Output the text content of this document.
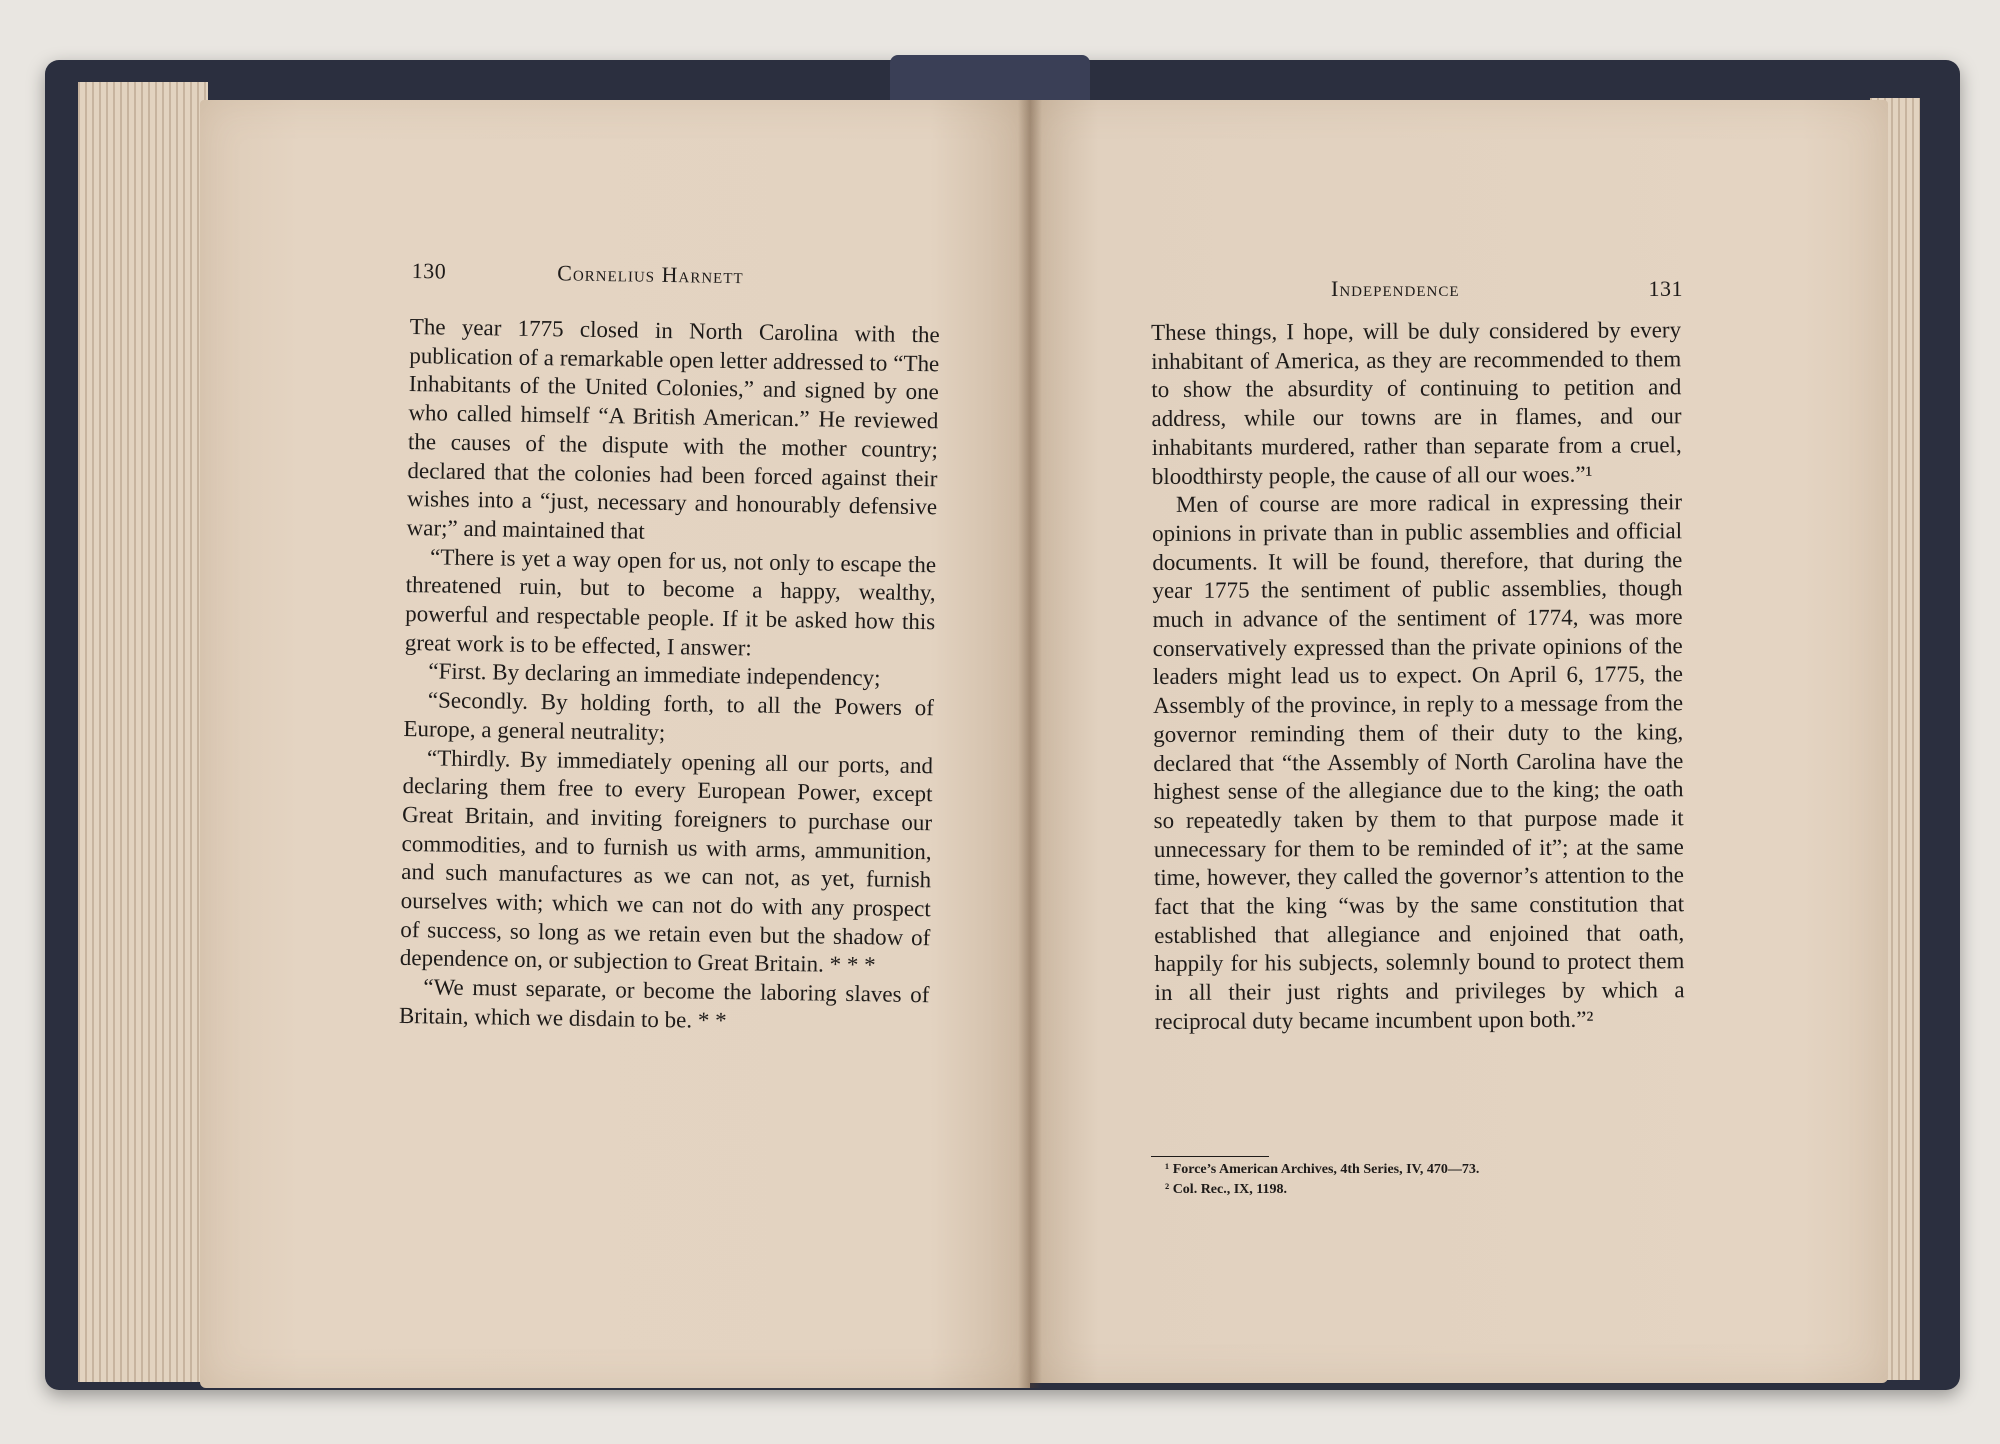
130	Cornelius Harnett

The year 1775 closed in North Carolina with the publication of a remarkable open letter addressed to “The Inhabitants of the United Colonies,” and signed by one who called himself “A British American.” He reviewed the causes of the dispute with the mother country; declared that the colonies had been forced against their wishes into a “just, necessary and honourably defensive war;” and maintained that

“There is yet a way open for us, not only to escape the threatened ruin, but to become a happy, wealthy, powerful and respectable people. If it be asked how this great work is to be effected, I answer:

“First. By declaring an immediate independency;

“Secondly. By holding forth, to all the Powers of Europe, a general neutrality;

“Thirdly. By immediately opening all our ports, and declaring them free to every European Power, except Great Britain, and inviting foreigners to purchase our commodities, and to furnish us with arms, ammunition, and such manufactures as we can not, as yet, furnish ourselves with; which we can not do with any prospect of success, so long as we retain even but the shadow of dependence on, or subjection to Great Britain. * * *

“We must separate, or become the laboring slaves of Britain, which we disdain to be. * *

Independence	131

These things, I hope, will be duly considered by every inhabitant of America, as they are recommended to them to show the absurdity of continuing to petition and address, while our towns are in flames, and our inhabitants murdered, rather than separate from a cruel, bloodthirsty people, the cause of all our woes.”¹

Men of course are more radical in expressing their opinions in private than in public assemblies and official documents. It will be found, therefore, that during the year 1775 the sentiment of public assemblies, though much in advance of the sentiment of 1774, was more conservatively expressed than the private opinions of the leaders might lead us to expect. On April 6, 1775, the Assembly of the province, in reply to a message from the governor reminding them of their duty to the king, declared that “the Assembly of North Carolina have the highest sense of the allegiance due to the king; the oath so repeatedly taken by them to that purpose made it unnecessary for them to be reminded of it”; at the same time, however, they called the governor’s attention to the fact that the king “was by the same constitution that established that allegiance and enjoined that oath, happily for his subjects, solemnly bound to protect them in all their just rights and privileges by which a reciprocal duty became incumbent upon both.”²

¹ Force’s American Archives, 4th Series, IV, 470—73.

² Col. Rec., IX, 1198.
